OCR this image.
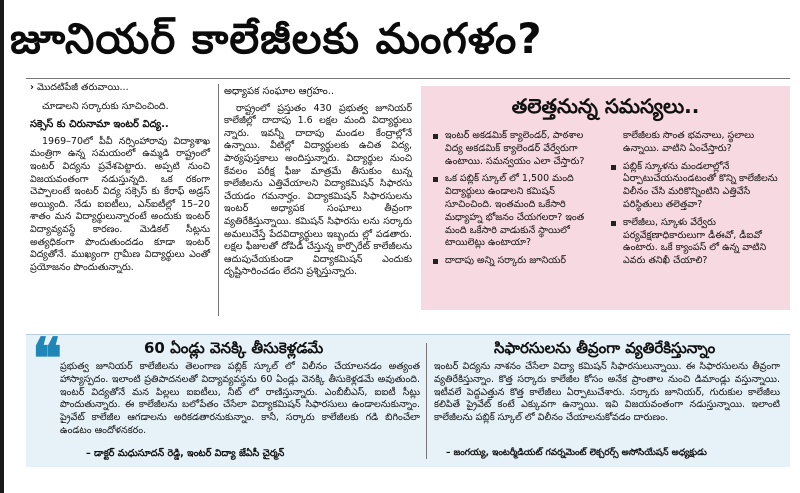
జూనియర్ కాలేజీలకు మంగళం?
› మొదటిపేజీ తరువాయి...
చూడాలని సర్కారుకు సూచించింది.
సక్సెస్ కు చిరునామా ఇంటర్ విద్య..

1969–70లో పీవీ నర్సింహారావు విద్యాశాఖ మంత్రిగా ఉన్న సమయంలో ఉమ్మడి రాష్ట్రంలో ఇంటర్ విద్యను ప్రవేశపెట్టారు. అప్పటి నుంచి విజయవంతంగా నడుస్తున్నది. ఒక రకంగా చెప్పాలంటే ఇంటర్ విద్య సక్సెస్ కు కేరాఫ్ అడ్రస్ అయ్యింది. నేడు ఐఐటీలు, ఎన్ఐటీల్లో 15–20 శాతం మన విద్యార్థులున్నారంటే అందుకు ఇంటర్ విద్యావ్యవస్థే కారణం. మెడికల్ సీట్లను అత్యధికంగా పొందుతుందడం కూడా ఇంటర్ విద్యతోనే. ముఖ్యంగా గ్రామీణ విద్యార్థులు ఎంతో ప్రయోజనం పొందుతున్నారు.

అధ్యాపక సంఘాల ఆగ్రహం..

రాష్ట్రంలో ప్రస్తుతం 430 ప్రభుత్వ జూనియర్ కాలేజీల్లో దాదాపు 1.6 లక్షల మంది విద్యార్థులు న్నారు. ఇవన్నీ దాదాపు మండల కేంద్రాల్లోనే ఉన్నాయి. వీటిల్లో విద్యార్థులకు ఉచిత విద్య, పాఠ్యపుస్తకాలు అందిస్తున్నారు. విద్యార్థుల నుంచి కేవలం పరీక్ష ఫీజు మాత్రమే తీసుకుం టున్న కాలేజీలను ఎత్తివేయాలని విద్యాకమిషన్ సిఫారసు చేయడం గమనార్హం. విద్యాకమిషన్ సిఫారసులను ఇంటర్ అధ్యాపక సంఘాలు తీవ్రంగా వ్యతిరేకిస్తున్నాయి. కమిషన్ సిఫారసు లను సర్కారు అమలుచేస్తే పేదవిద్యార్థులు ఇబ్బందు ల్లో పడతారు. లక్షల ఫీజులతో దోపిడీ చేస్తున్న కార్పొరేట్ కాలేజీలను ఆదుపుచేయకుండా విద్యాకమిషన్ ఎందుకు దృష్టిసారించడం లేదని ప్రశ్నిస్తున్నారు.

తలెత్తనున్న సమస్యలు..
ఇంటర్ అకడమిక్ క్యాలెండర్, పాఠశాల విద్య అకడమిక్ క్యాలెండర్ వేర్వేరుగా ఉంటాయి. సమన్వయం ఎలా చేస్తారు?
ఒక పబ్లిక్ స్కూల్ లో 1,500 మంది విద్యార్థులు ఉండాలని కమిషన్ సూచించింది. ఇంతమంది ఒకేసారి మధ్యాహ్న భోజనం చేయగలరా? ఇంత మంది ఒకేసారి వాడుకునే స్థాయిలో టాయిలెట్లు ఉంటాయా?
దాదాపు అన్ని సర్కారు జూనియర్
కాలేజీలకు సొంత భవనాలు, స్థలాలు ఉన్నాయి. వాటిని ఏంచేస్తారు?
పబ్లిక్ స్కూళను మండలాల్లోనే ఏర్పాటుచేయనుండటంతో కొన్ని కాలేజీలను విలీనం చేసి మరికొన్నింటిని ఎత్తివేసే పరిస్థితులు తలెత్తవా?
కాలేజీలు, స్కూళు వేర్వేరు పర్యవేక్షణాధికారులుగా డీఈవో, డీఐవో ఉంటారు. ఒకే క్యాంపస్ లో ఉన్న వాటిని ఎవరు తనిఖీ చేయాలి?
❝	60 ఏండ్లు వెనక్కి తీసుకెళ్లడమే
ప్రభుత్వ జూనియర్ కాలేజీలను తెలంగాణ పబ్లిక్ స్కూల్ లో విలీనం చేయాలనడం అత్యంత హాస్యాస్పదం. ఇలాంటి ప్రతిపాదనలతో విద్యావ్యవస్థను 60 ఏండ్లు వెనక్కి తీసుకెళ్లడమే అవుతుంది. ఇంటర్ విద్యతోనే మన పిల్లలు ఐఐటీలు, నీట్ లో రాణిస్తున్నారు. ఎంబీబీఎస్, ఐఐటీ సీట్లు పొందుతున్నారు. ఈ కాలేజీలను బలోపేతం చేసేలా విద్యాకమిషన్ సిఫారసులు ఉండాలనుకున్నాం. ప్రైవేట్ కాలేజీల ఆగడాలను అరికడతారనుకున్నాం. కానీ, సర్కారు కాలేజీలకు గడి బిగించేలా ఉండటం ఆందోళనకరం.
– డాక్టర్ మధుసూదన్ రెడ్డి, ఇంటర్ విద్యా జేఏసీ చైర్మన్
సిఫారసులను తీవ్రంగా వ్యతిరేకిస్తున్నాం
ఇంటర్ విద్యను నాశనం చేసేలా విద్యా కమిషన్ సిఫారసులున్నాయి. ఈ సిఫారసులను తీవ్రంగా వ్యతిరేకిస్తున్నాం. కొత్త సర్కారు కాలేజీల కోసం అనేక ప్రాంతాల నుంచి డిమాండ్లు వస్తున్నాయి. ఇటీవలే పెద్దఎత్తున కొత్త కాలేజీలు ఏర్పాటుచేశారు. సర్కారు జూనియర్, గురుకుల కాలేజీలు కలిపితే ప్రైవేట్ కంటే ఎక్కువగా ఉన్నాయి. ఇవి విజయవంతంగా నడుస్తున్నాయి. ఇలాంటి కాలేజీలను పబ్లిక్ స్కూల్ లో విలీనం చేయాలనుకోవడం దారుణం.
– జంగయ్య, ఇంటర్మీడియట్ గవర్నమెంట్ లెక్చరర్స్ అసోసియేషన్ అధ్యక్షుడు
